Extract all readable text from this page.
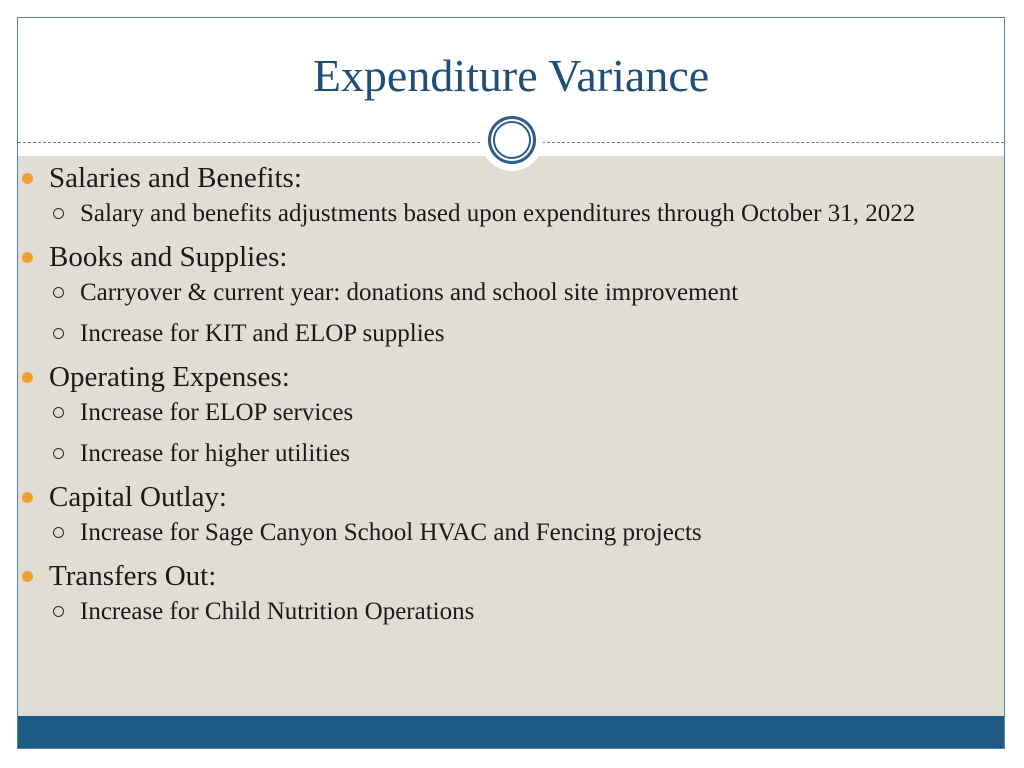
Expenditure Variance
Salaries and Benefits:
Salary and benefits adjustments based upon expenditures through October 31, 2022
Books and Supplies:
Carryover & current year: donations and school site improvement
Increase for KIT and ELOP supplies
Operating Expenses:
Increase for ELOP services
Increase for higher utilities
Capital Outlay:
Increase for Sage Canyon School HVAC and Fencing projects
Transfers Out:
Increase for Child Nutrition Operations
